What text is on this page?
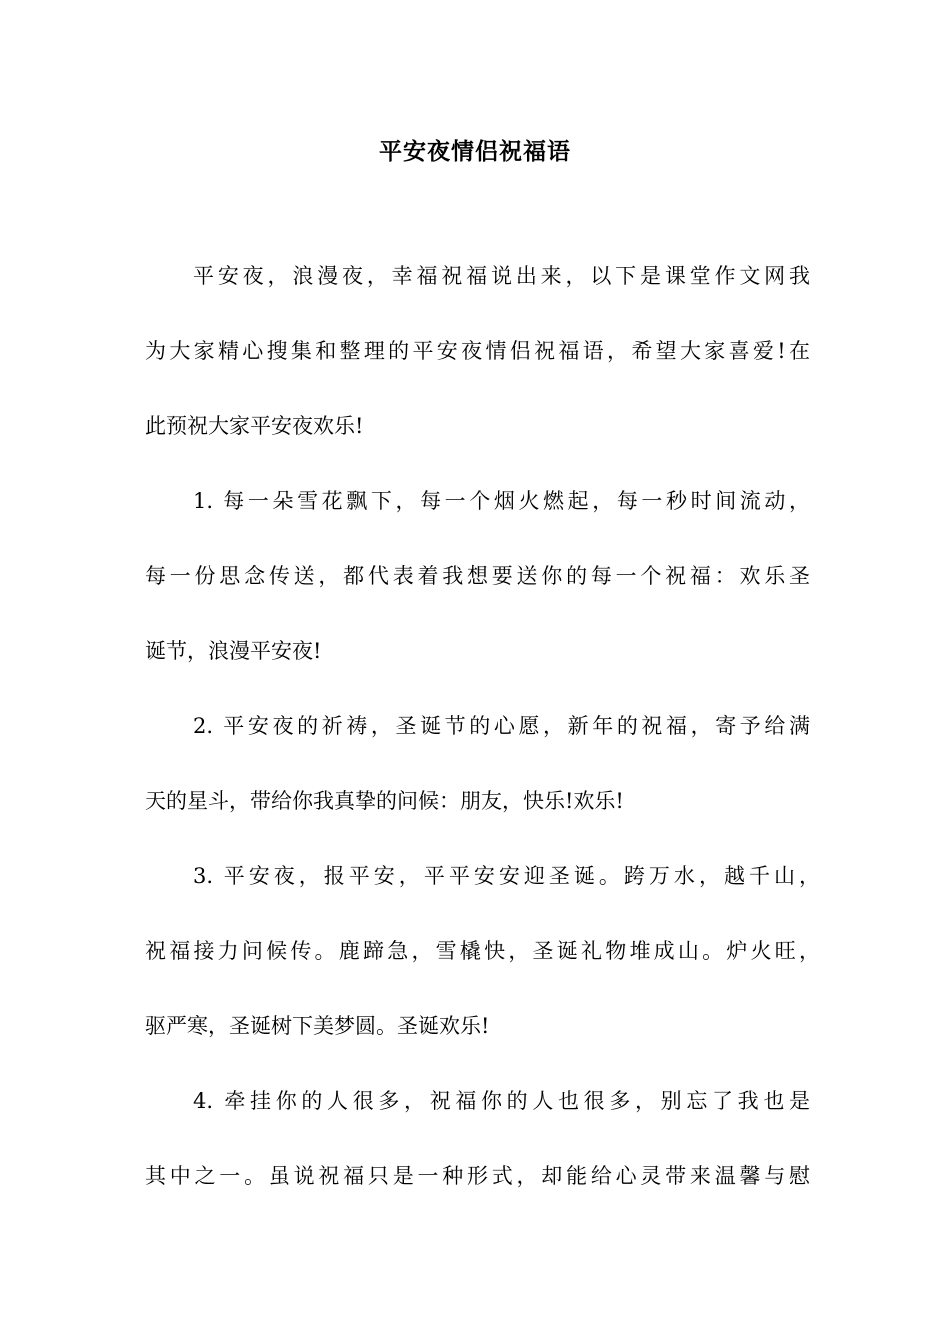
平安夜情侣祝福语
平安夜，浪漫夜，幸福祝福说出来，以下是课堂作文网我
为大家精心搜集和整理的平安夜情侣祝福语，希望大家喜爱!在
此预祝大家平安夜欢乐!
1. 每一朵雪花飘下，每一个烟火燃起，每一秒时间流动，
每一份思念传送，都代表着我想要送你的每一个祝福：欢乐圣
诞节，浪漫平安夜!
2. 平安夜的祈祷，圣诞节的心愿，新年的祝福，寄予给满
天的星斗，带给你我真挚的问候：朋友，快乐!欢乐!
3. 平安夜，报平安，平平安安迎圣诞。跨万水，越千山，
祝福接力问候传。鹿蹄急，雪橇快，圣诞礼物堆成山。炉火旺，
驱严寒，圣诞树下美梦圆。圣诞欢乐!
4. 牵挂你的人很多，祝福你的人也很多，别忘了我也是
其中之一。虽说祝福只是一种形式，却能给心灵带来温馨与慰
